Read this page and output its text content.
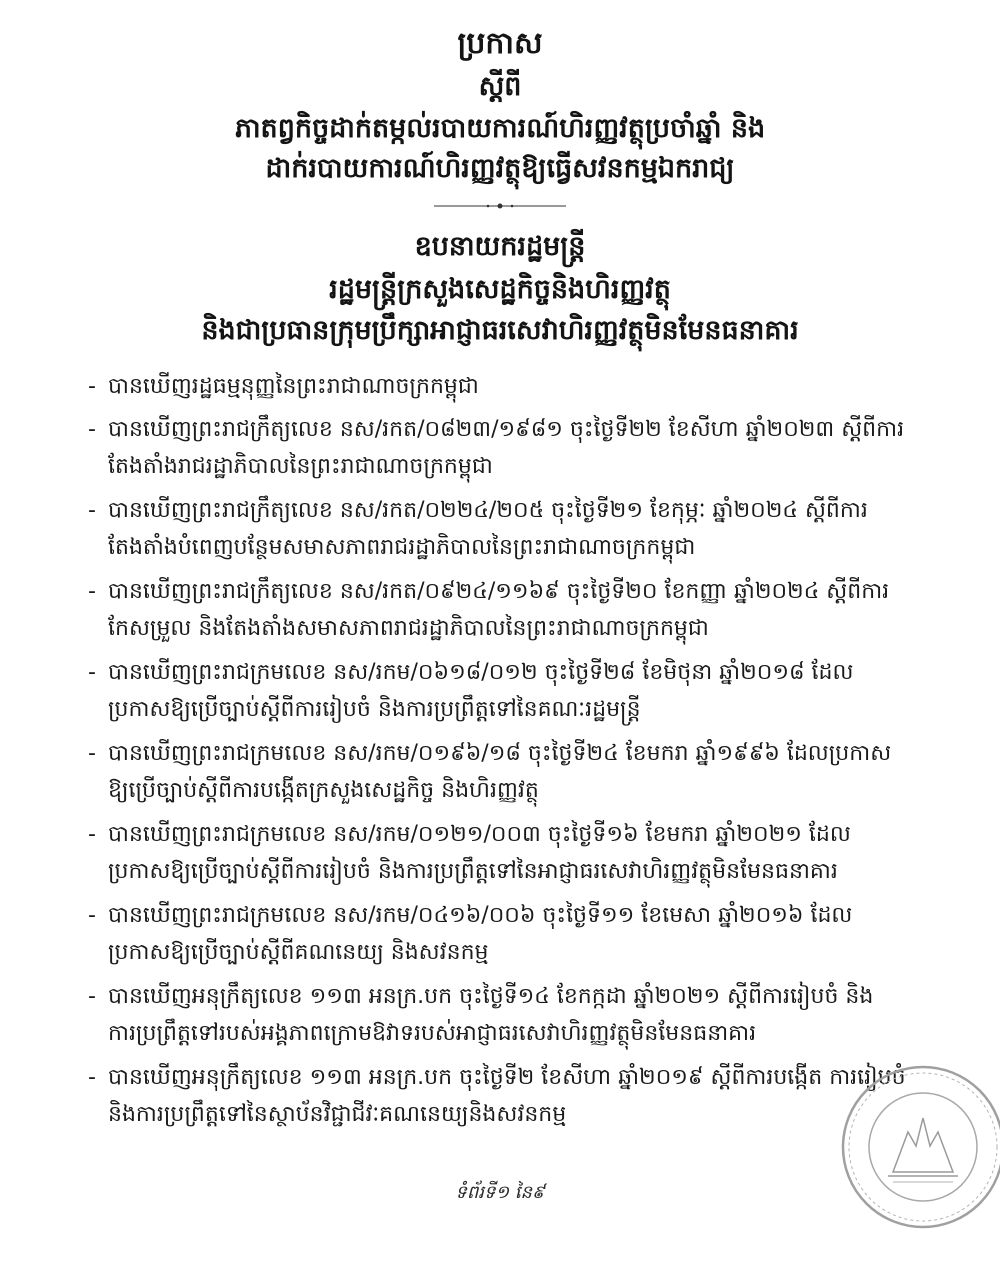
ប្រកាស
ស្តីពី
ភាតព្វកិច្ចដាក់តម្កល់របាយការណ៍ហិរញ្ញវត្ថុប្រចាំឆ្នាំ និង
ដាក់របាយការណ៍ហិរញ្ញវត្ថុឱ្យធ្វើសវនកម្មឯករាជ្យ
ឧបនាយករដ្ឋមន្ត្រី
រដ្ឋមន្ត្រីក្រសួងសេដ្ឋកិច្ចនិងហិរញ្ញវត្ថុ
និងជាប្រធានក្រុមប្រឹក្សាអាជ្ញាធរសេវាហិរញ្ញវត្ថុមិនមែនធនាគារ
- បានឃើញរដ្ឋធម្មនុញ្ញនៃព្រះរាជាណាចក្រកម្ពុជា
- បានឃើញព្រះរាជក្រឹត្យលេខ នស/រកត/០៨២៣/១៩៨១ ចុះថ្ងៃទី២២ ខែសីហា ឆ្នាំ២០២៣ ស្តីពីការ
តែងតាំងរាជរដ្ឋាភិបាលនៃព្រះរាជាណាចក្រកម្ពុជា
- បានឃើញព្រះរាជក្រឹត្យលេខ នស/រកត/០២២៤/២០៥ ចុះថ្ងៃទី២១ ខែកុម្ភៈ ឆ្នាំ២០២៤ ស្តីពីការ
តែងតាំងបំពេញបន្ថែមសមាសភាពរាជរដ្ឋាភិបាលនៃព្រះរាជាណាចក្រកម្ពុជា
- បានឃើញព្រះរាជក្រឹត្យលេខ នស/រកត/០៩២៤/១១៦៩ ចុះថ្ងៃទី២០ ខែកញ្ញា ឆ្នាំ២០២៤ ស្តីពីការ
កែសម្រួល និងតែងតាំងសមាសភាពរាជរដ្ឋាភិបាលនៃព្រះរាជាណាចក្រកម្ពុជា
- បានឃើញព្រះរាជក្រមលេខ នស/រកម/០៦១៨/០១២ ចុះថ្ងៃទី២៨ ខែមិថុនា ឆ្នាំ២០១៨ ដែល
ប្រកាសឱ្យប្រើច្បាប់ស្តីពីការរៀបចំ និងការប្រព្រឹត្តទៅនៃគណៈរដ្ឋមន្ត្រី
- បានឃើញព្រះរាជក្រមលេខ នស/រកម/០១៩៦/១៨ ចុះថ្ងៃទី២៤ ខែមករា ឆ្នាំ១៩៩៦ ដែលប្រកាស
ឱ្យប្រើច្បាប់ស្តីពីការបង្កើតក្រសួងសេដ្ឋកិច្ច និងហិរញ្ញវត្ថុ
- បានឃើញព្រះរាជក្រមលេខ នស/រកម/០១២១/០០៣ ចុះថ្ងៃទី១៦ ខែមករា ឆ្នាំ២០២១ ដែល
ប្រកាសឱ្យប្រើច្បាប់ស្តីពីការរៀបចំ និងការប្រព្រឹត្តទៅនៃអាជ្ញាធរសេវាហិរញ្ញវត្ថុមិនមែនធនាគារ
- បានឃើញព្រះរាជក្រមលេខ នស/រកម/០៤១៦/០០៦ ចុះថ្ងៃទី១១ ខែមេសា ឆ្នាំ២០១៦ ដែល
ប្រកាសឱ្យប្រើច្បាប់ស្តីពីគណនេយ្យ និងសវនកម្ម
- បានឃើញអនុក្រឹត្យលេខ ១១៣ អនក្រ.បក ចុះថ្ងៃទី១៤ ខែកក្កដា ឆ្នាំ២០២១ ស្តីពីការរៀបចំ និង
ការប្រព្រឹត្តទៅរបស់អង្គភាពក្រោមឱវាទរបស់អាជ្ញាធរសេវាហិរញ្ញវត្ថុមិនមែនធនាគារ
- បានឃើញអនុក្រឹត្យលេខ ១១៣ អនក្រ.បក ចុះថ្ងៃទី២ ខែសីហា ឆ្នាំ២០១៩ ស្តីពីការបង្កើត ការរៀបចំ
និងការប្រព្រឹត្តទៅនៃស្ថាប័នវិជ្ជាជីវៈគណនេយ្យនិងសវនកម្ម
ទំព័រទី១ នៃ៩
